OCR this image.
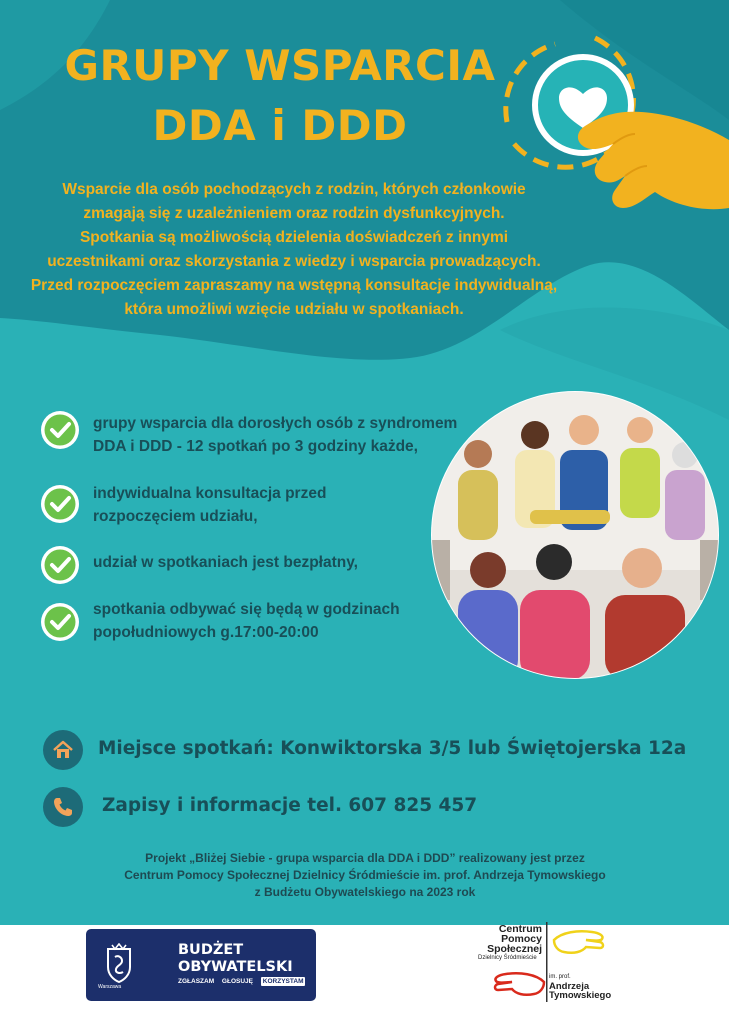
GRUPY WSPARCIA
DDA i DDD
Wsparcie dla osób pochodzących z rodzin, których członkowie
zmagają się z uzależnieniem oraz rodzin dysfunkcyjnych.
Spotkania są możliwością dzielenia doświadczeń z innymi
uczestnikami oraz skorzystania z wiedzy i wsparcia prowadzących.
Przed rozpoczęciem zapraszamy na wstępną konsultacje indywidualną,
która umożliwi wzięcie udziału w spotkaniach.
grupy wsparcia dla dorosłych osób z syndromem
DDA i DDD - 12 spotkań po 3 godziny każde,
indywidualna konsultacja przed
rozpoczęciem udziału,
udział w spotkaniach jest bezpłatny,
spotkania odbywać się będą w godzinach
popołudniowych g.17:00-20:00

Miejsce spotkań: Konwiktorska 3/5 lub Świętojerska 12a

Zapisy i informacje tel. 607 825 457

Projekt „Bliżej Siebie - grupa wsparcia dla DDA i DDD” realizowany jest przez
Centrum Pomocy Społecznej Dzielnicy Śródmieście im. prof. Andrzeja Tymowskiego
z Budżetu Obywatelskiego na 2023 rok
Warszawa

BUDŻET

OBYWATELSKI

ZGŁASZAM GŁOSUJĘ KORZYSTAM

Centrum

Pomocy

Społecznej

Dzielnicy Śródmieście
im. prof.
Andrzeja
Tymowskiego
